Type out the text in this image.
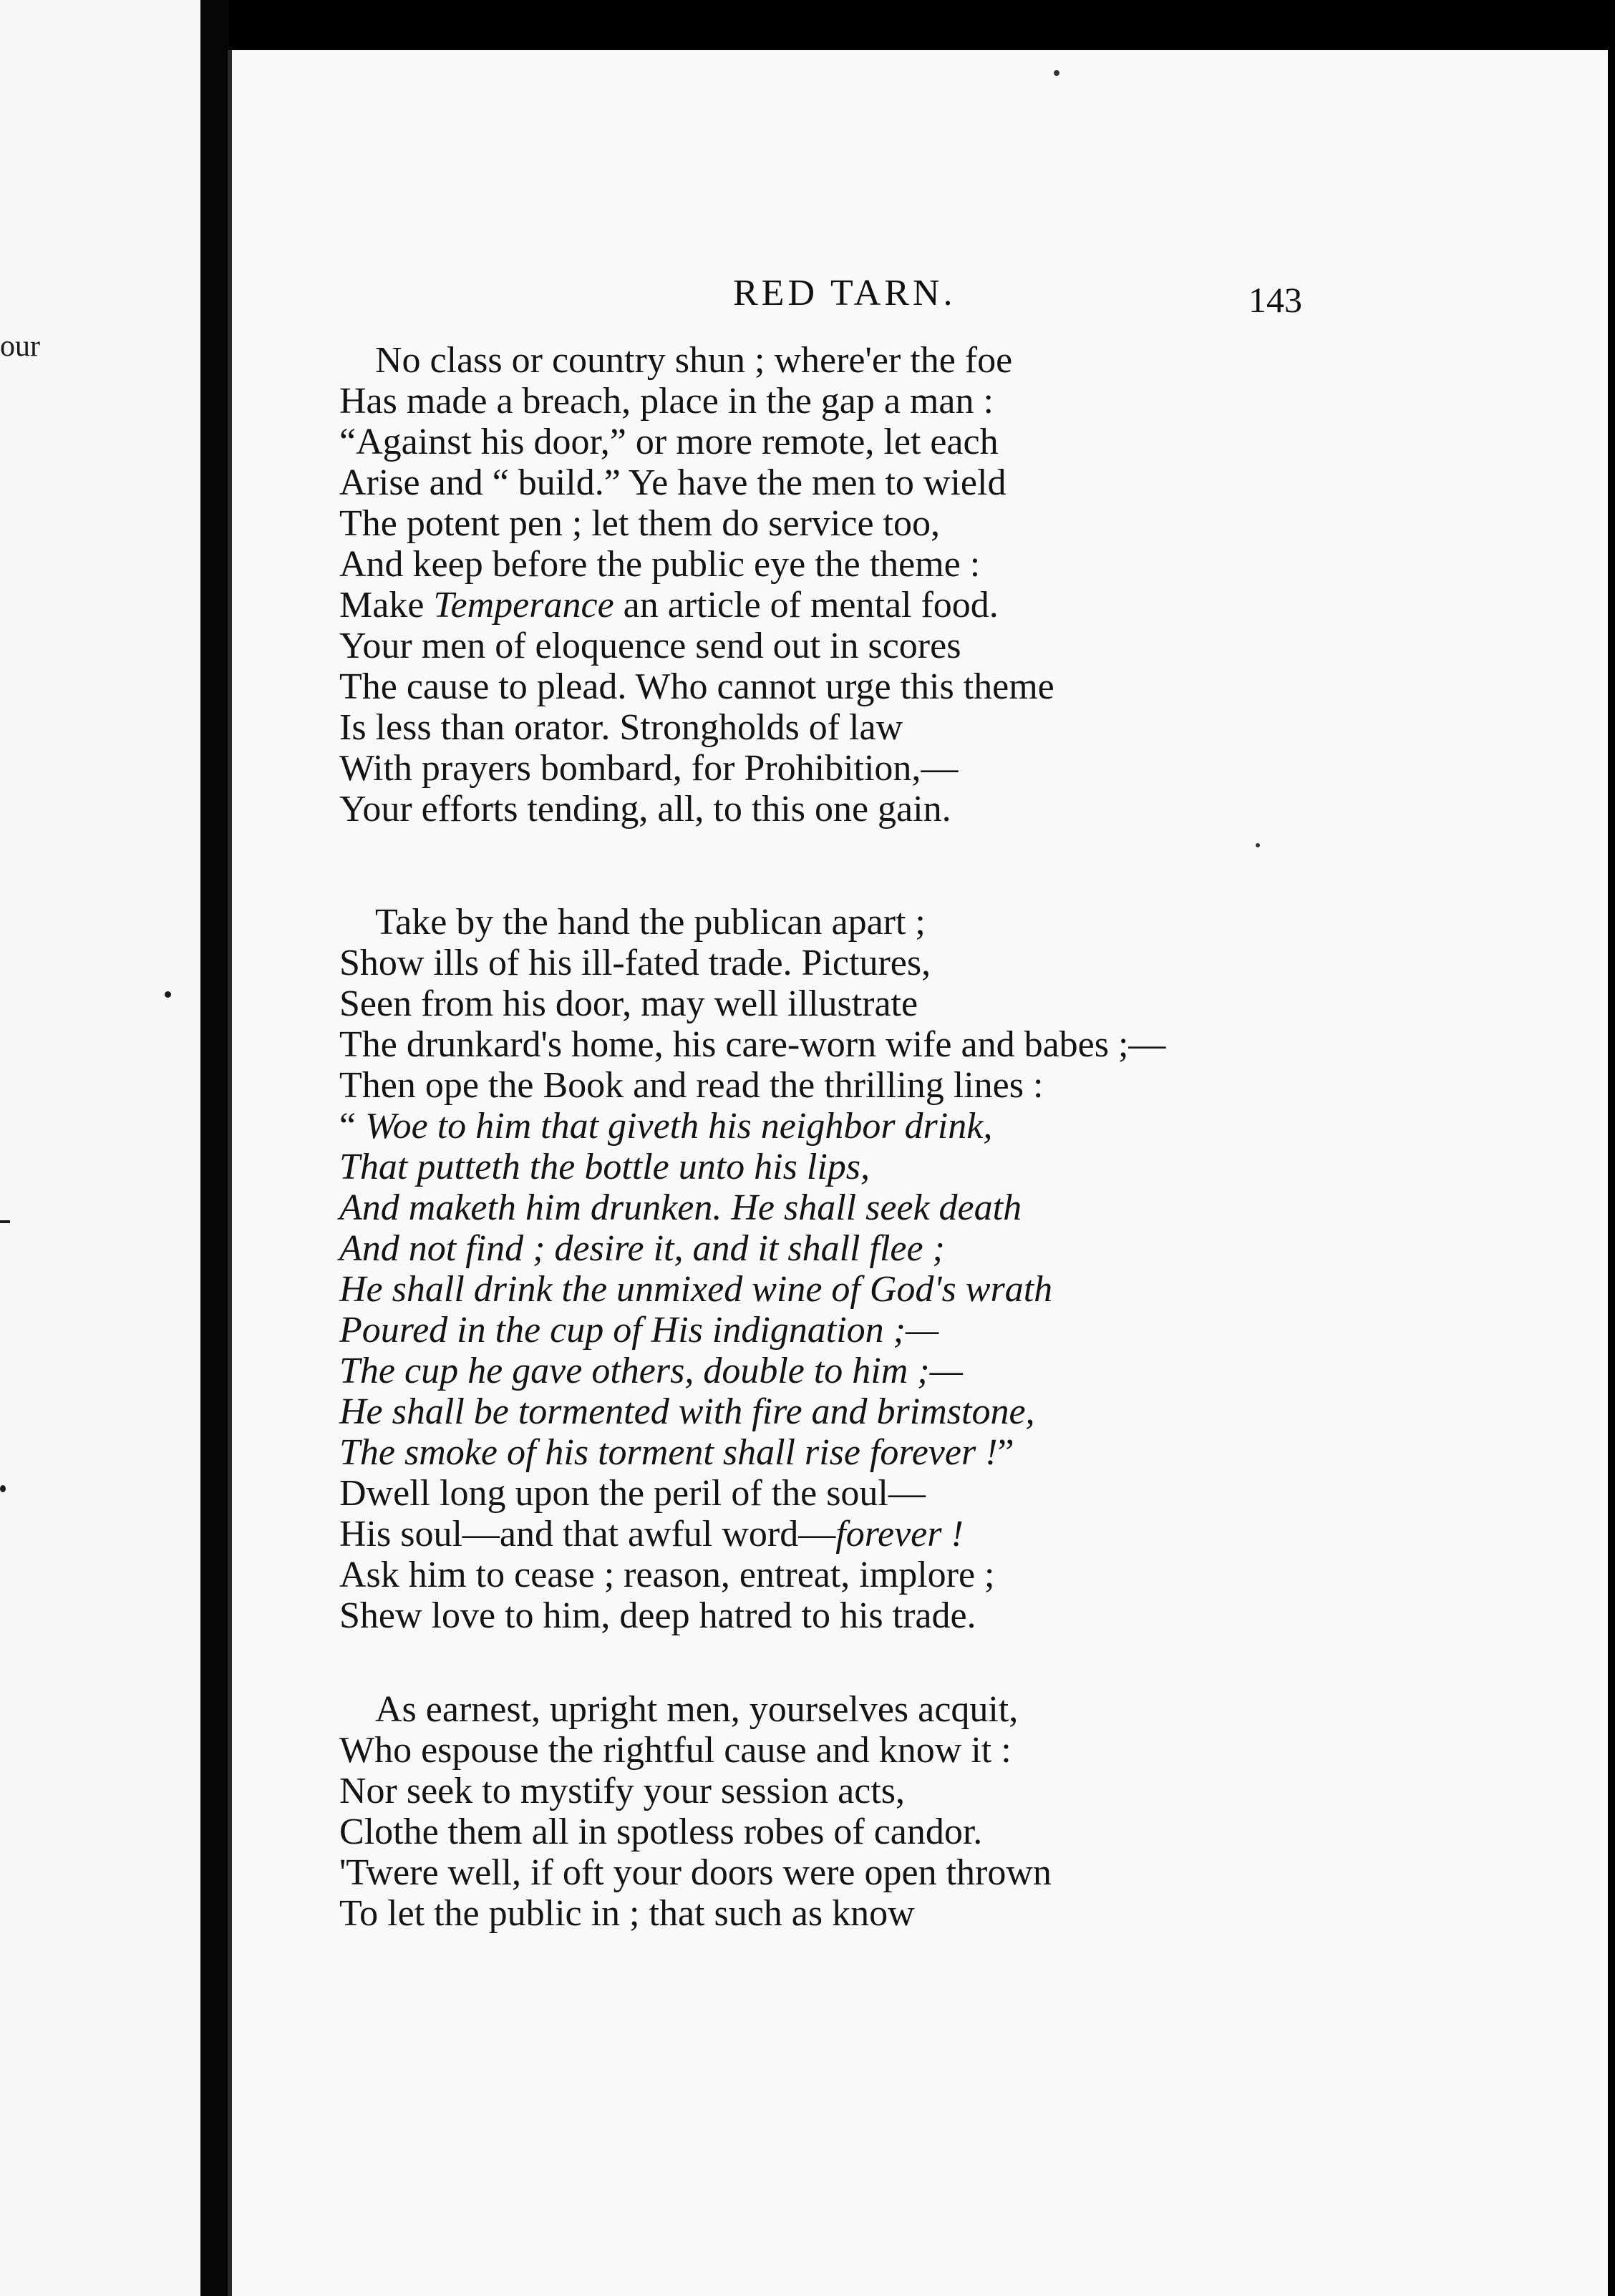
our
RED TARN.	143
No class or country shun ; where'er the foe
Has made a breach, place in the gap a man :
“Against his door,” or more remote, let each
Arise and “ build.” Ye have the men to wield
The potent pen ; let them do service too,
And keep before the public eye the theme :
Make Temperance an article of mental food.
Your men of eloquence send out in scores
The cause to plead. Who cannot urge this theme
Is less than orator. Strongholds of law
With prayers bombard, for Prohibition,—
Your efforts tending, all, to this one gain.
Take by the hand the publican apart ;
Show ills of his ill-fated trade. Pictures,
Seen from his door, may well illustrate
The drunkard's home, his care-worn wife and babes ;—
Then ope the Book and read the thrilling lines :
“ Woe to him that giveth his neighbor drink,
That putteth the bottle unto his lips,
And maketh him drunken. He shall seek death
And not find ; desire it, and it shall flee ;
He shall drink the unmixed wine of God's wrath
Poured in the cup of His indignation ;—
The cup he gave others, double to him ;—
He shall be tormented with fire and brimstone,
The smoke of his torment shall rise forever !”
Dwell long upon the peril of the soul—
His soul—and that awful word—forever !
Ask him to cease ; reason, entreat, implore ;
Shew love to him, deep hatred to his trade.
As earnest, upright men, yourselves acquit,
Who espouse the rightful cause and know it :
Nor seek to mystify your session acts,
Clothe them all in spotless robes of candor.
'Twere well, if oft your doors were open thrown
To let the public in ; that such as know
